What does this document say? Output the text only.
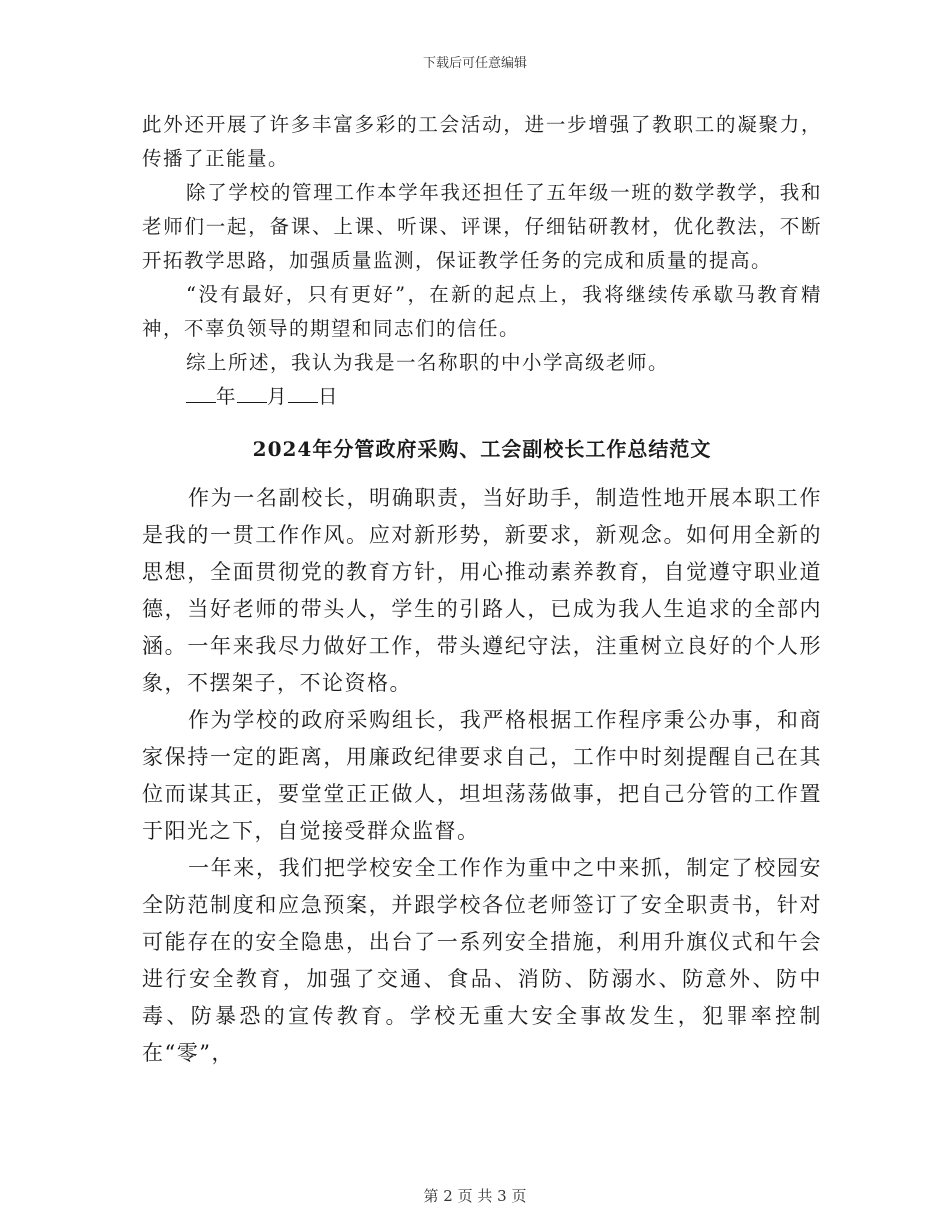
下载后可任意编辑

此外还开展了许多丰富多彩的工会活动，进一步增强了教职工的凝聚力，传播了正能量。

除了学校的管理工作本学年我还担任了五年级一班的数学教学，我和老师们一起，备课、上课、听课、评课，仔细钻研教材，优化教法，不断开拓教学思路，加强质量监测，保证教学任务的完成和质量的提高。

“没有最好，只有更好”，在新的起点上，我将继续传承歇马教育精神，不辜负领导的期望和同志们的信任。

综上所述，我认为我是一名称职的中小学高级老师。

年 月 日
2024年分管政府采购、工会副校长工作总结范文

作为一名副校长，明确职责，当好助手，制造性地开展本职工作是我的一贯工作作风。应对新形势，新要求，新观念。如何用全新的思想，全面贯彻党的教育方针，用心推动素养教育，自觉遵守职业道德，当好老师的带头人，学生的引路人，已成为我人生追求的全部内涵。一年来我尽力做好工作，带头遵纪守法，注重树立良好的个人形象，不摆架子，不论资格。

作为学校的政府采购组长，我严格根据工作程序秉公办事，和商家保持一定的距离，用廉政纪律要求自己，工作中时刻提醒自己在其位而谋其正，要堂堂正正做人，坦坦荡荡做事，把自己分管的工作置于阳光之下，自觉接受群众监督。

一年来，我们把学校安全工作作为重中之中来抓，制定了校园安全防范制度和应急预案，并跟学校各位老师签订了安全职责书，针对可能存在的安全隐患，出台了一系列安全措施，利用升旗仪式和午会进行安全教育，加强了交通、食品、消防、防溺水、防意外、防中毒、防暴恐的宣传教育。学校无重大安全事故发生，犯罪率控制在“零”，

第 2 页 共 3 页
